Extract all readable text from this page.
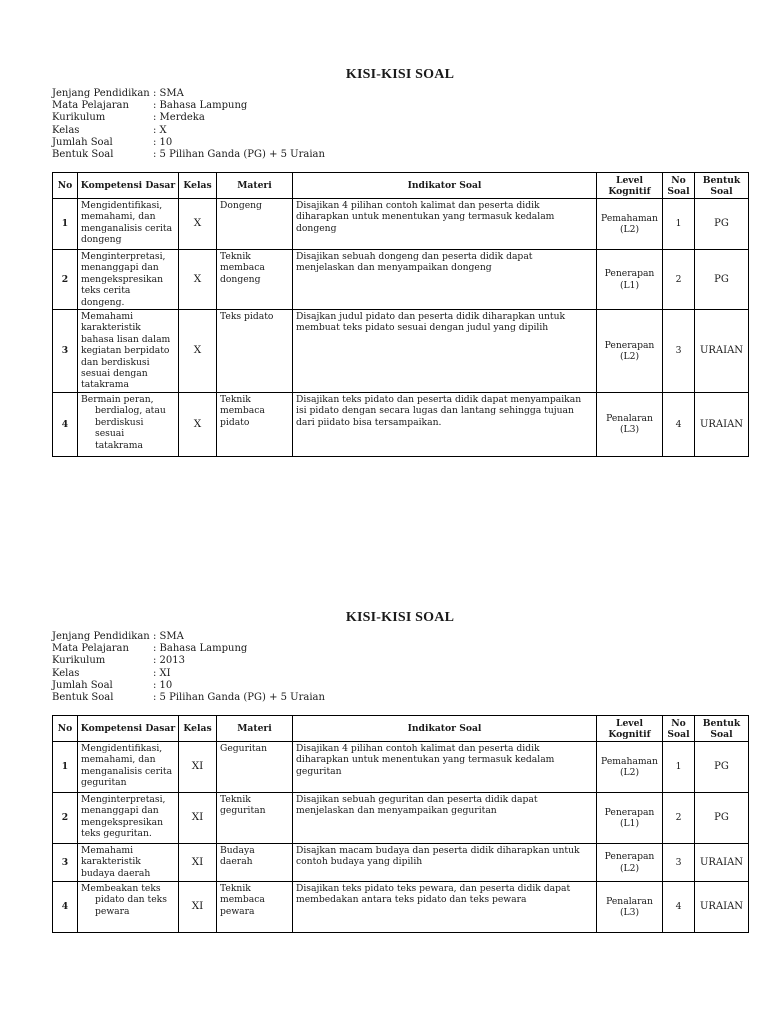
KISI-KISI SOAL
Jenjang Pendidikan : SMA
Mata Pelajaran	: Bahasa Lampung
Kurikulum	: Merdeka
Kelas	: X
Jumlah Soal	: 10
Bentuk Soal	: 5 Pilihan Ganda (PG) + 5 Uraian
No	Kompetensi Dasar	Kelas	Materi	Indikator Soal	Level Kognitif	No Soal	Bentuk Soal
1	Mengidentifikasi, memahami, dan menganalisis cerita dongeng	X	Dongeng	Disajikan 4 pilihan contoh kalimat dan peserta didik diharapkan untuk menentukan yang termasuk kedalam dongeng	Pemahaman (L2)	1	PG
2	Menginterpretasi, menanggapi dan mengekspresikan teks cerita dongeng.	X	Teknik membaca dongeng	Disajikan sebuah dongeng dan peserta didik dapat menjelaskan dan menyampaikan dongeng	Penerapan (L1)	2	PG
3	Memahami karakteristik bahasa lisan dalam kegiatan berpidato dan berdiskusi sesuai dengan tatakrama	X	Teks pidato	Disajkan judul pidato dan peserta didik diharapkan untuk membuat teks pidato sesuai dengan judul yang dipilih	Penerapan (L2)	3	URAIAN
4	Bermain peran,
berdialog, atau berdiskusi sesuai tatakrama	X	Teknik membaca pidato	Disajikan teks pidato dan peserta didik dapat menyampaikan isi pidato dengan secara lugas dan lantang sehingga tujuan dari piidato bisa tersampaikan.	Penalaran (L3)	4	URAIAN
KISI-KISI SOAL
Jenjang Pendidikan : SMA
Mata Pelajaran	: Bahasa Lampung
Kurikulum	: 2013
Kelas	: XI
Jumlah Soal	: 10
Bentuk Soal	: 5 Pilihan Ganda (PG) + 5 Uraian
No	Kompetensi Dasar	Kelas	Materi	Indikator Soal	Level Kognitif	No Soal	Bentuk Soal
1	Mengidentifikasi, memahami, dan menganalisis cerita geguritan	XI	Geguritan	Disajikan 4 pilihan contoh kalimat dan peserta didik diharapkan untuk menentukan yang termasuk kedalam geguritan	Pemahaman (L2)	1	PG
2	Menginterpretasi, menanggapi dan mengekspresikan teks geguritan.	XI	Teknik geguritan	Disajikan sebuah geguritan dan peserta didik dapat menjelaskan dan menyampaikan geguritan	Penerapan (L1)	2	PG
3	Memahami karakteristik budaya daerah	XI	Budaya daerah	Disajkan macam budaya dan peserta didik diharapkan untuk contoh budaya yang dipilih	Penerapan (L2)	3	URAIAN
4	Membeakan teks
pidato dan teks pewara	XI	Teknik membaca pewara	Disajikan teks pidato teks pewara, dan peserta didik dapat membedakan antara teks pidato dan teks pewara	Penalaran (L3)	4	URAIAN
